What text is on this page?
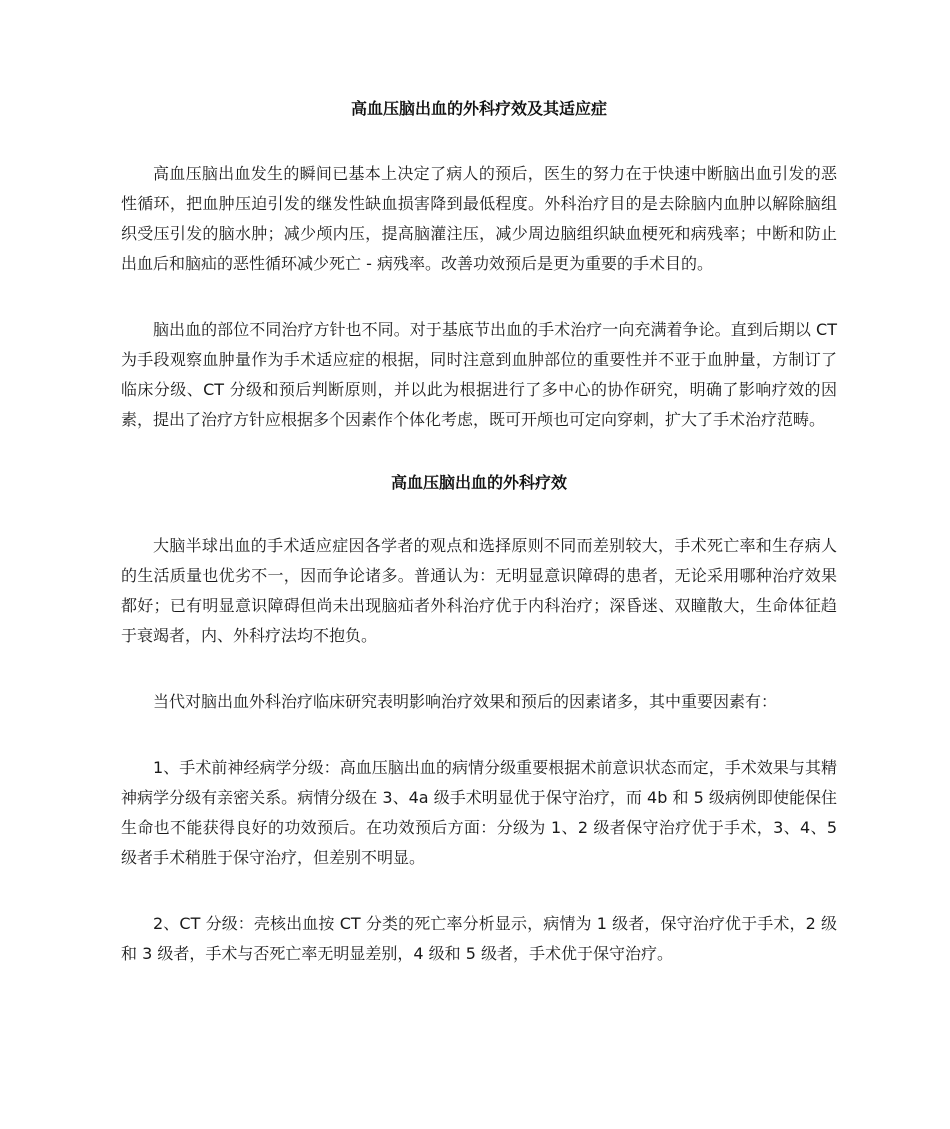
高血压脑出血的外科疗效及其适应症

高血压脑出血发生的瞬间已基本上决定了病人的预后，医生的努力在于快速中断脑出血引发的恶性循环，把血肿压迫引发的继发性缺血损害降到最低程度。外科治疗目的是去除脑内血肿以解除脑组织受压引发的脑水肿；减少颅内压，提高脑灌注压，减少周边脑组织缺血梗死和病残率；中断和防止出血后和脑疝的恶性循环减少死亡 - 病残率。改善功效预后是更为重要的手术目的。

脑出血的部位不同治疗方针也不同。对于基底节出血的手术治疗一向充满着争论。直到后期以 CT 为手段观察血肿量作为手术适应症的根据，同时注意到血肿部位的重要性并不亚于血肿量，方制订了临床分级、CT 分级和预后判断原则，并以此为根据进行了多中心的协作研究，明确了影响疗效的因素，提出了治疗方针应根据多个因素作个体化考虑，既可开颅也可定向穿刺，扩大了手术治疗范畴。

高血压脑出血的外科疗效

大脑半球出血的手术适应症因各学者的观点和选择原则不同而差别较大，手术死亡率和生存病人的生活质量也优劣不一，因而争论诸多。普通认为：无明显意识障碍的患者，无论采用哪种治疗效果都好；已有明显意识障碍但尚未出现脑疝者外科治疗优于内科治疗；深昏迷、双瞳散大，生命体征趋于衰竭者，内、外科疗法均不抱负。

当代对脑出血外科治疗临床研究表明影响治疗效果和预后的因素诸多，其中重要因素有：

1、手术前神经病学分级：高血压脑出血的病情分级重要根据术前意识状态而定，手术效果与其精神病学分级有亲密关系。病情分级在 3、4a 级手术明显优于保守治疗，而 4b 和 5 级病例即使能保住生命也不能获得良好的功效预后。在功效预后方面：分级为 1、2 级者保守治疗优于手术，3、4、5 级者手术稍胜于保守治疗，但差别不明显。

2、CT 分级：壳核出血按 CT 分类的死亡率分析显示，病情为 1 级者，保守治疗优于手术，2 级和 3 级者，手术与否死亡率无明显差别，4 级和 5 级者，手术优于保守治疗。
